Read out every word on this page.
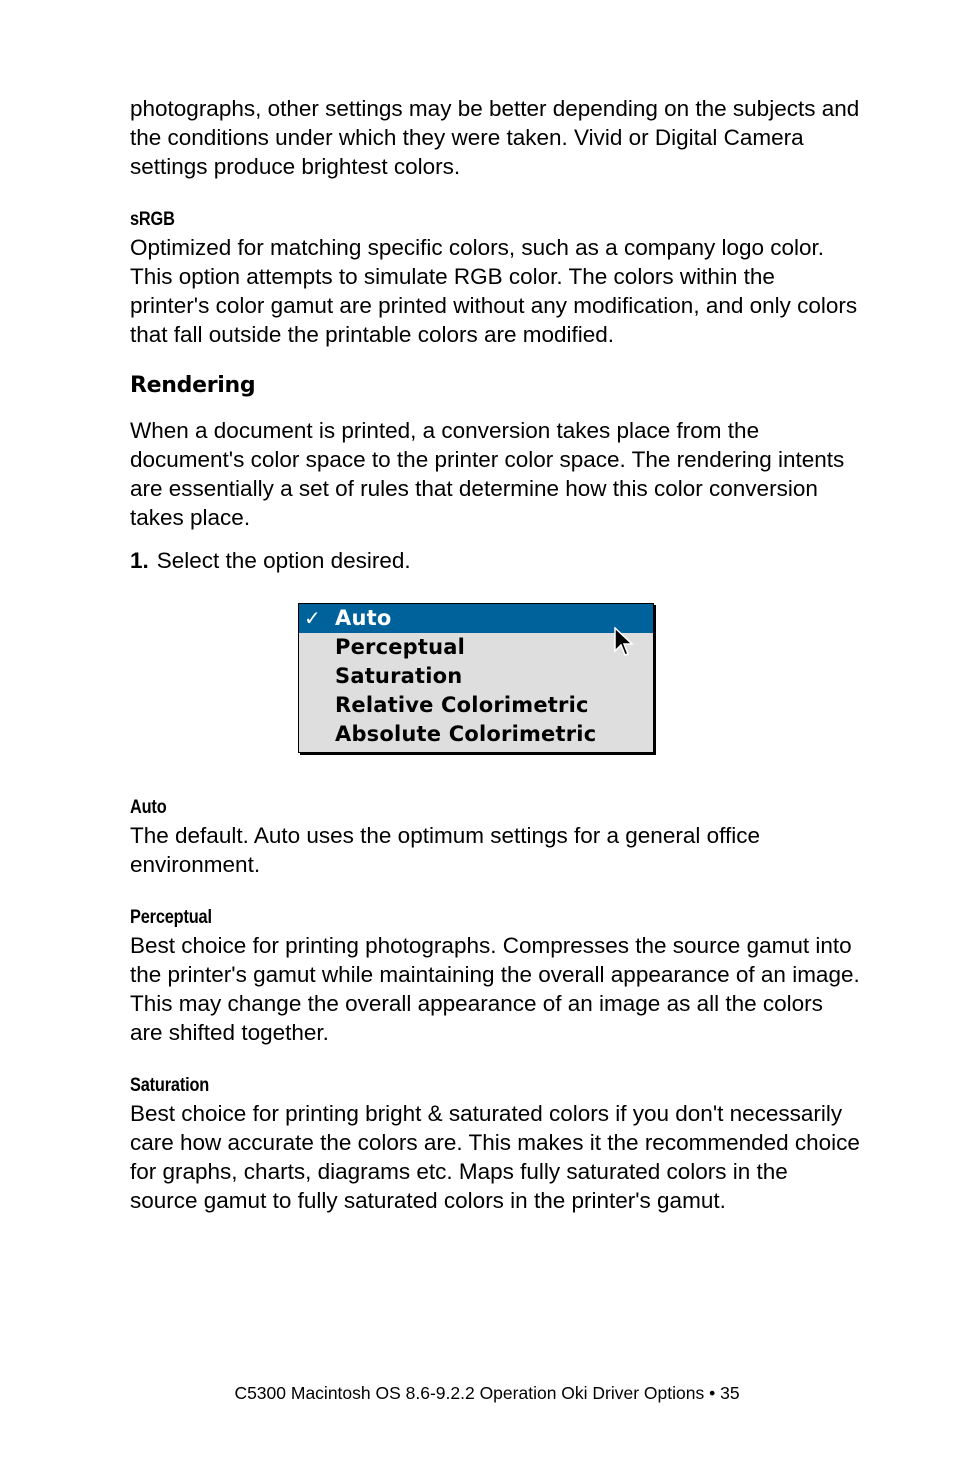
photographs, other settings may be better depending on the subjects and the conditions under which they were taken. Vivid or Digital Camera settings produce brightest colors.

sRGB

Optimized for matching specific colors, such as a company logo color. This option attempts to simulate RGB color. The colors within the printer's color gamut are printed without any modification, and only colors that fall outside the printable colors are modified.

Rendering

When a document is printed, a conversion takes place from the document's color space to the printer color space. The rendering intents are essentially a set of rules that determine how this color conversion takes place.

1. Select the option desired.

✓ Auto
Perceptual
Saturation
Relative Colorimetric
Absolute Colorimetric

Auto

The default. Auto uses the optimum settings for a general office environment.

Perceptual

Best choice for printing photographs. Compresses the source gamut into the printer's gamut while maintaining the overall appearance of an image. This may change the overall appearance of an image as all the colors are shifted together.

Saturation

Best choice for printing bright & saturated colors if you don't necessarily care how accurate the colors are. This makes it the recommended choice for graphs, charts, diagrams etc. Maps fully saturated colors in the source gamut to fully saturated colors in the printer's gamut.

C5300 Macintosh OS 8.6-9.2.2 Operation Oki Driver Options • 35
